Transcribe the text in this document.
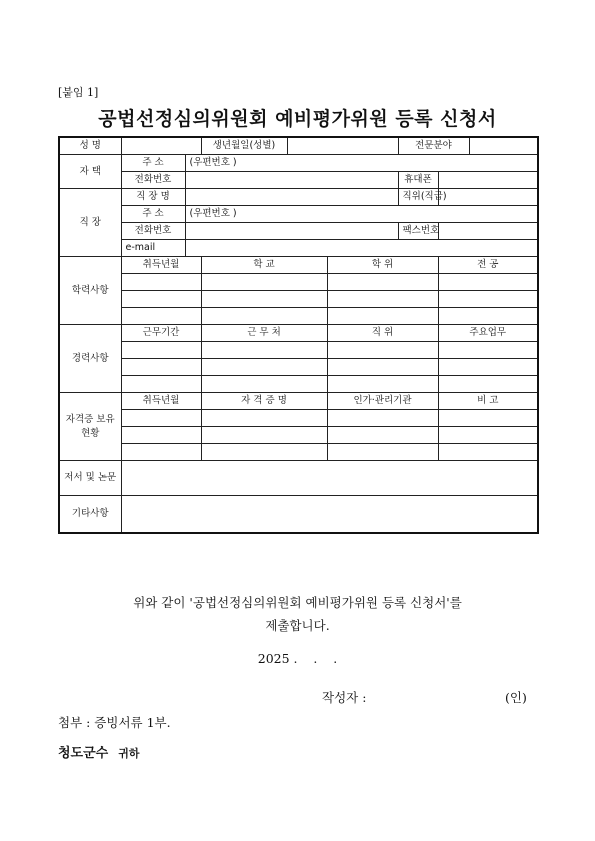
[붙임 1]
공법선정심의위원회 예비평가위원 등록 신청서
성 명			생년월일(성별)			전문분야		
자 택	주 소	(우편번호 )						
	전화번호					휴대폰		
직 장	직 장 명					직위(직급)		
	주 소	(우편번호 )						
	전화번호					팩스번호		
	e-mail							
학력사항	취득년월		학 교		학 위		전 공	

경력사항	근무기간		근 무 처		직 위		주요업무	

자격증 보유현황	취득년월		자 격 증 명		인가·관리기관		비 고	

저서 및 논문								
기타사항								
위와 같이 '공법선정심의위원회 예비평가위원 등록 신청서'를
제출합니다.
2025 .    .    .
작성자 :	(인)
첨부 : 증빙서류 1부.
청도군수 귀하
